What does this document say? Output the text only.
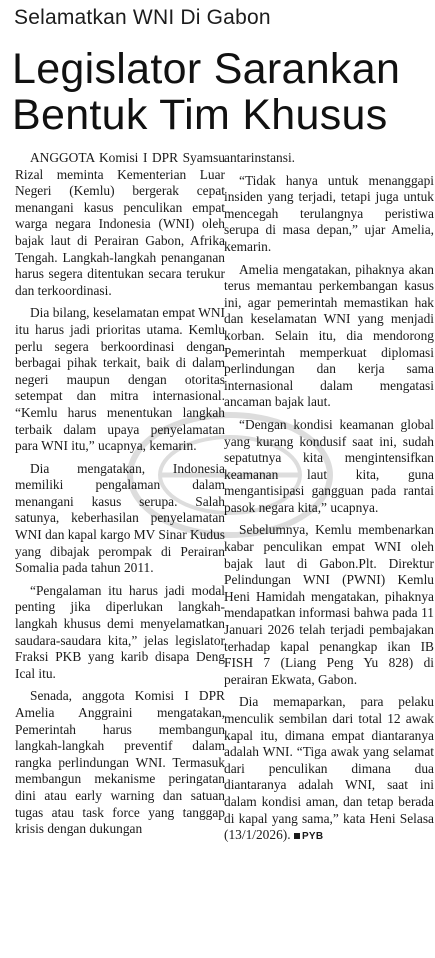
Selamatkan WNI Di Gabon
Legislator Sarankan
Bentuk Tim Khusus

ANGGOTA Komisi I DPR Syamsu Rizal meminta Kementerian Luar Negeri (Kemlu) bergerak cepat menangani kasus penculikan empat warga negara Indonesia (WNI) oleh bajak laut di Perairan Gabon, Afrika Tengah. Langkah-langkah penanganan harus segera ditentukan secara terukur dan terkoordinasi.

Dia bilang, keselamatan empat WNI itu harus jadi prioritas utama. Kemlu perlu segera berkoordinasi dengan berbagai pihak terkait, baik di dalam negeri maupun dengan otoritas setempat dan mitra internasional. “Kemlu harus menentukan langkah terbaik dalam upaya penyelamatan para WNI itu,” ucapnya, kemarin.

Dia mengatakan, Indonesia memiliki pengalaman dalam menangani kasus serupa. Salah satunya, keberhasilan penyelamatan WNI dan kapal kargo MV Sinar Kudus yang dibajak perompak di Perairan Somalia pada tahun 2011.

“Pengalaman itu harus jadi modal penting jika diperlukan langkah-langkah khusus demi menyelamatkan saudara-saudara kita,” jelas legislator Fraksi PKB yang karib disapa Deng Ical itu.

Senada, anggota Komisi I DPR Amelia Anggraini mengatakan, Pemerintah harus membangun langkah-langkah preventif dalam rangka perlindungan WNI. Termasuk membangun mekanisme peringatan dini atau early warning dan satuan tugas atau task force yang tanggap krisis dengan dukungan

antarinstansi.

“Tidak hanya untuk menanggapi insiden yang terjadi, tetapi juga untuk mencegah terulangnya peristiwa serupa di masa depan,” ujar Amelia, kemarin.

Amelia mengatakan, pihaknya akan terus memantau perkembangan kasus ini, agar pemerintah memastikan hak dan keselamatan WNI yang menjadi korban. Selain itu, dia mendorong Pemerintah memperkuat diplomasi perlindungan dan kerja sama internasional dalam mengatasi ancaman bajak laut.

“Dengan kondisi keamanan global yang kurang kondusif saat ini, sudah sepatutnya kita mengintensifkan keamanan laut kita, guna mengantisipasi gangguan pada rantai pasok negara kita,” ucapnya.

Sebelumnya, Kemlu membenarkan kabar penculikan empat WNI oleh bajak laut di Gabon.Plt. Direktur Pelindungan WNI (PWNI) Kemlu Heni Hamidah mengatakan, pihaknya mendapatkan informasi bahwa pada 11 Januari 2026 telah terjadi pembajakan terhadap kapal penangkap ikan IB FISH 7 (Liang Peng Yu 828) di perairan Ekwata, Gabon.

Dia memaparkan, para pelaku menculik sembilan dari total 12 awak kapal itu, dimana empat diantaranya adalah WNI. “Tiga awak yang selamat dari penculikan dimana dua diantaranya adalah WNI, saat ini dalam kondisi aman, dan tetap berada di kapal yang sama,” kata Heni Selasa (13/1/2026). PYB
